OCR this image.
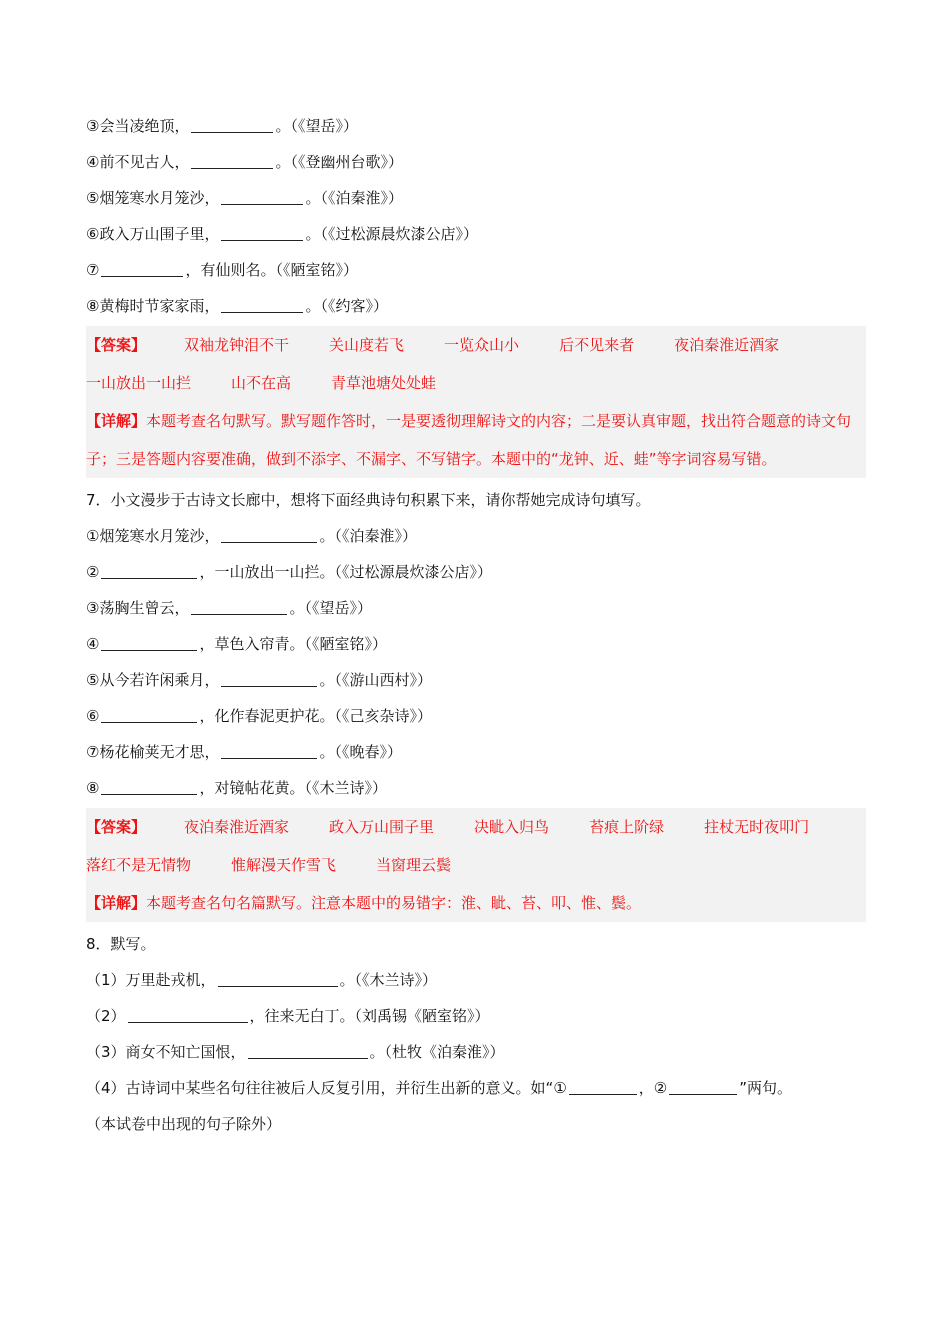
③会当凌绝顶，	。（《望岳》）
④前不见古人，	。（《登幽州台歌》）
⑤烟笼寒水月笼沙，	。（《泊秦淮》）
⑥政入万山围子里，	。（《过松源晨炊漆公店》）
⑦	，有仙则名。（《陋室铭》）
⑧黄梅时节家家雨，	。（《约客》）
【答案】	双袖龙钟泪不干	关山度若飞	一览众山小	后不见来者	夜泊秦淮近酒家
一山放出一山拦	山不在高	青草池塘处处蛙
【详解】本题考查名句默写。默写题作答时，一是要透彻理解诗文的内容；二是要认真审题，找出符合题意的诗文句子；三是答题内容要准确，做到不添字、不漏字、不写错字。本题中的“龙钟、近、蛙”等字词容易写错。
7．小文漫步于古诗文长廊中，想将下面经典诗句积累下来，请你帮她完成诗句填写。
①烟笼寒水月笼沙，	。（《泊秦淮》）
②	，一山放出一山拦。（《过松源晨炊漆公店》）
③荡胸生曾云，	。（《望岳》）
④	，草色入帘青。（《陋室铭》）
⑤从今若许闲乘月，	。（《游山西村》）
⑥	，化作春泥更护花。（《己亥杂诗》）
⑦杨花榆荚无才思，	。（《晚春》）
⑧	，对镜帖花黄。（《木兰诗》）
【答案】	夜泊秦淮近酒家	政入万山围子里	决眦入归鸟	苔痕上阶绿	拄杖无时夜叩门
落红不是无情物	惟解漫天作雪飞	当窗理云鬓
【详解】本题考查名句名篇默写。注意本题中的易错字：淮、眦、苔、叩、惟、鬓。
8．默写。
（1）万里赴戎机，	。（《木兰诗》）
（2）	，往来无白丁。（刘禹锡《陋室铭》）
（3）商女不知亡国恨，	。（杜牧《泊秦淮》）
（4）古诗词中某些名句往往被后人反复引用，并衍生出新的意义。如“①	，②	”两句。
（本试卷中出现的句子除外）
